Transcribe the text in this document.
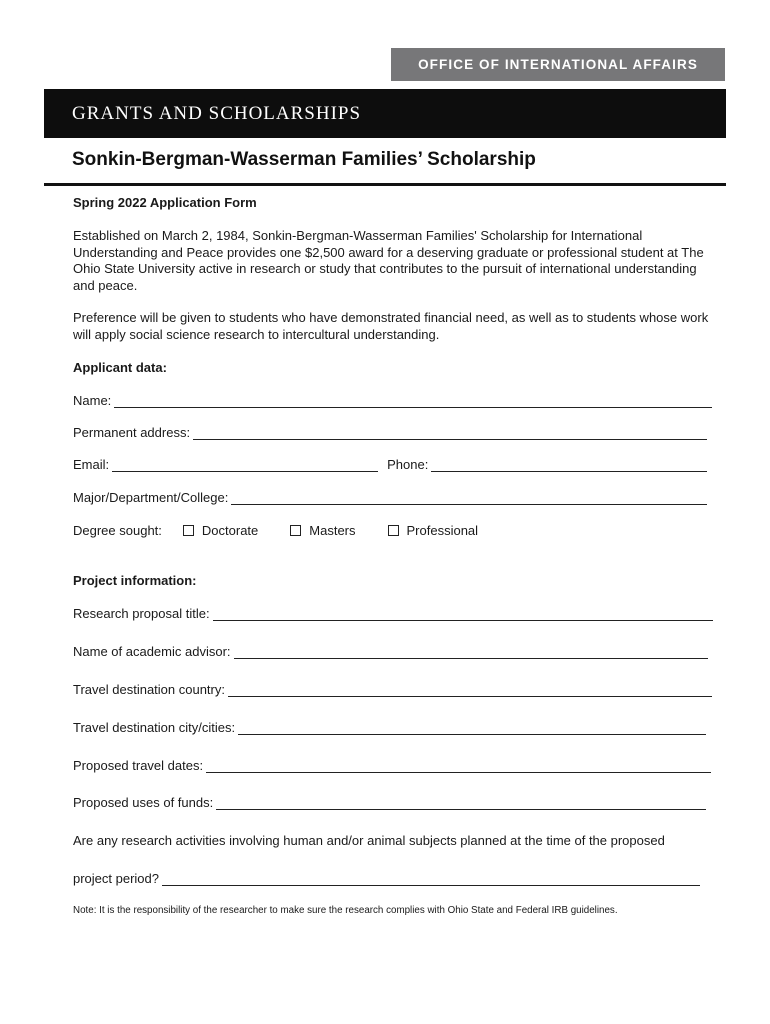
OFFICE OF INTERNATIONAL AFFAIRS
GRANTS AND SCHOLARSHIPS
Sonkin-Bergman-Wasserman Families’ Scholarship
Spring 2022 Application Form

Established on March 2, 1984, Sonkin-Bergman-Wasserman Families' Scholarship for International Understanding and Peace provides one $2,500 award for a deserving graduate or professional student at The Ohio State University active in research or study that contributes to the pursuit of international understanding and peace.

Preference will be given to students who have demonstrated financial need, as well as to students whose work will apply social science research to intercultural understanding.

Applicant data:
Name:
Permanent address:
Email:	Phone:
Major/Department/College:
Degree sought:	Doctorate	Masters	Professional
Project information:
Research proposal title:
Name of academic advisor:
Travel destination country:
Travel destination city/cities:
Proposed travel dates:
Proposed uses of funds:
Are any research activities involving human and/or animal subjects planned at the time of the proposed
project period?
Note: It is the responsibility of the researcher to make sure the research complies with Ohio State and Federal IRB guidelines.
